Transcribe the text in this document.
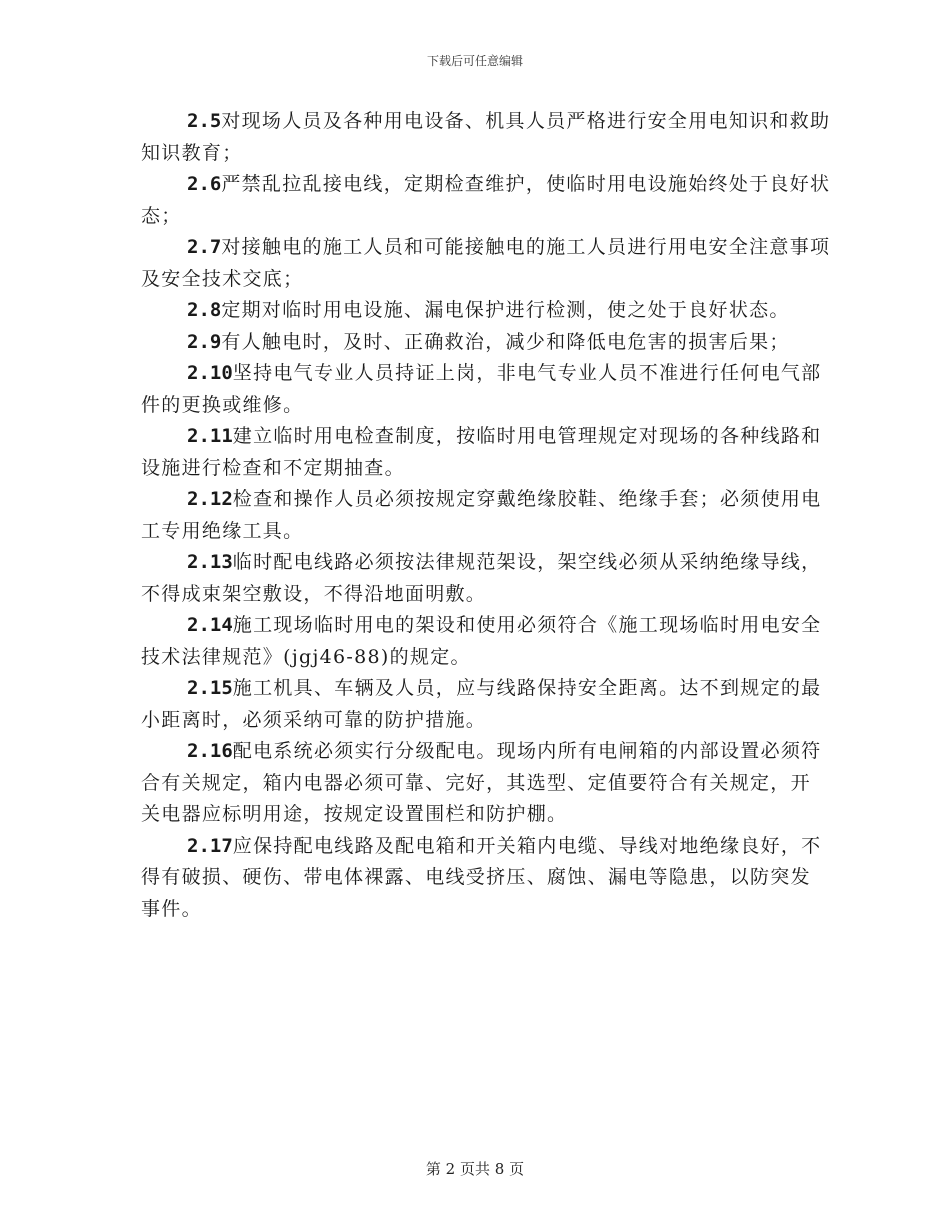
下载后可任意编辑

2.5对现场人员及各种用电设备、机具人员严格进行安全用电知识和救助知识教育；

2.6严禁乱拉乱接电线，定期检查维护，使临时用电设施始终处于良好状态；

2.7对接触电的施工人员和可能接触电的施工人员进行用电安全注意事项及安全技术交底；

2.8定期对临时用电设施、漏电保护进行检测，使之处于良好状态。

2.9有人触电时，及时、正确救治，减少和降低电危害的损害后果；

2.10坚持电气专业人员持证上岗，非电气专业人员不准进行任何电气部件的更换或维修。

2.11建立临时用电检查制度，按临时用电管理规定对现场的各种线路和设施进行检查和不定期抽查。

2.12检查和操作人员必须按规定穿戴绝缘胶鞋、绝缘手套；必须使用电工专用绝缘工具。

2.13临时配电线路必须按法律规范架设，架空线必须从采纳绝缘导线，不得成束架空敷设，不得沿地面明敷。

2.14施工现场临时用电的架设和使用必须符合《施工现场临时用电安全技术法律规范》(jgj46-88)的规定。

2.15施工机具、车辆及人员，应与线路保持安全距离。达不到规定的最小距离时，必须采纳可靠的防护措施。

2.16配电系统必须实行分级配电。现场内所有电闸箱的内部设置必须符合有关规定，箱内电器必须可靠、完好，其选型、定值要符合有关规定，开关电器应标明用途，按规定设置围栏和防护棚。

2.17应保持配电线路及配电箱和开关箱内电缆、导线对地绝缘良好，不得有破损、硬伤、带电体裸露、电线受挤压、腐蚀、漏电等隐患，以防突发事件。

第 2 页共 8 页
